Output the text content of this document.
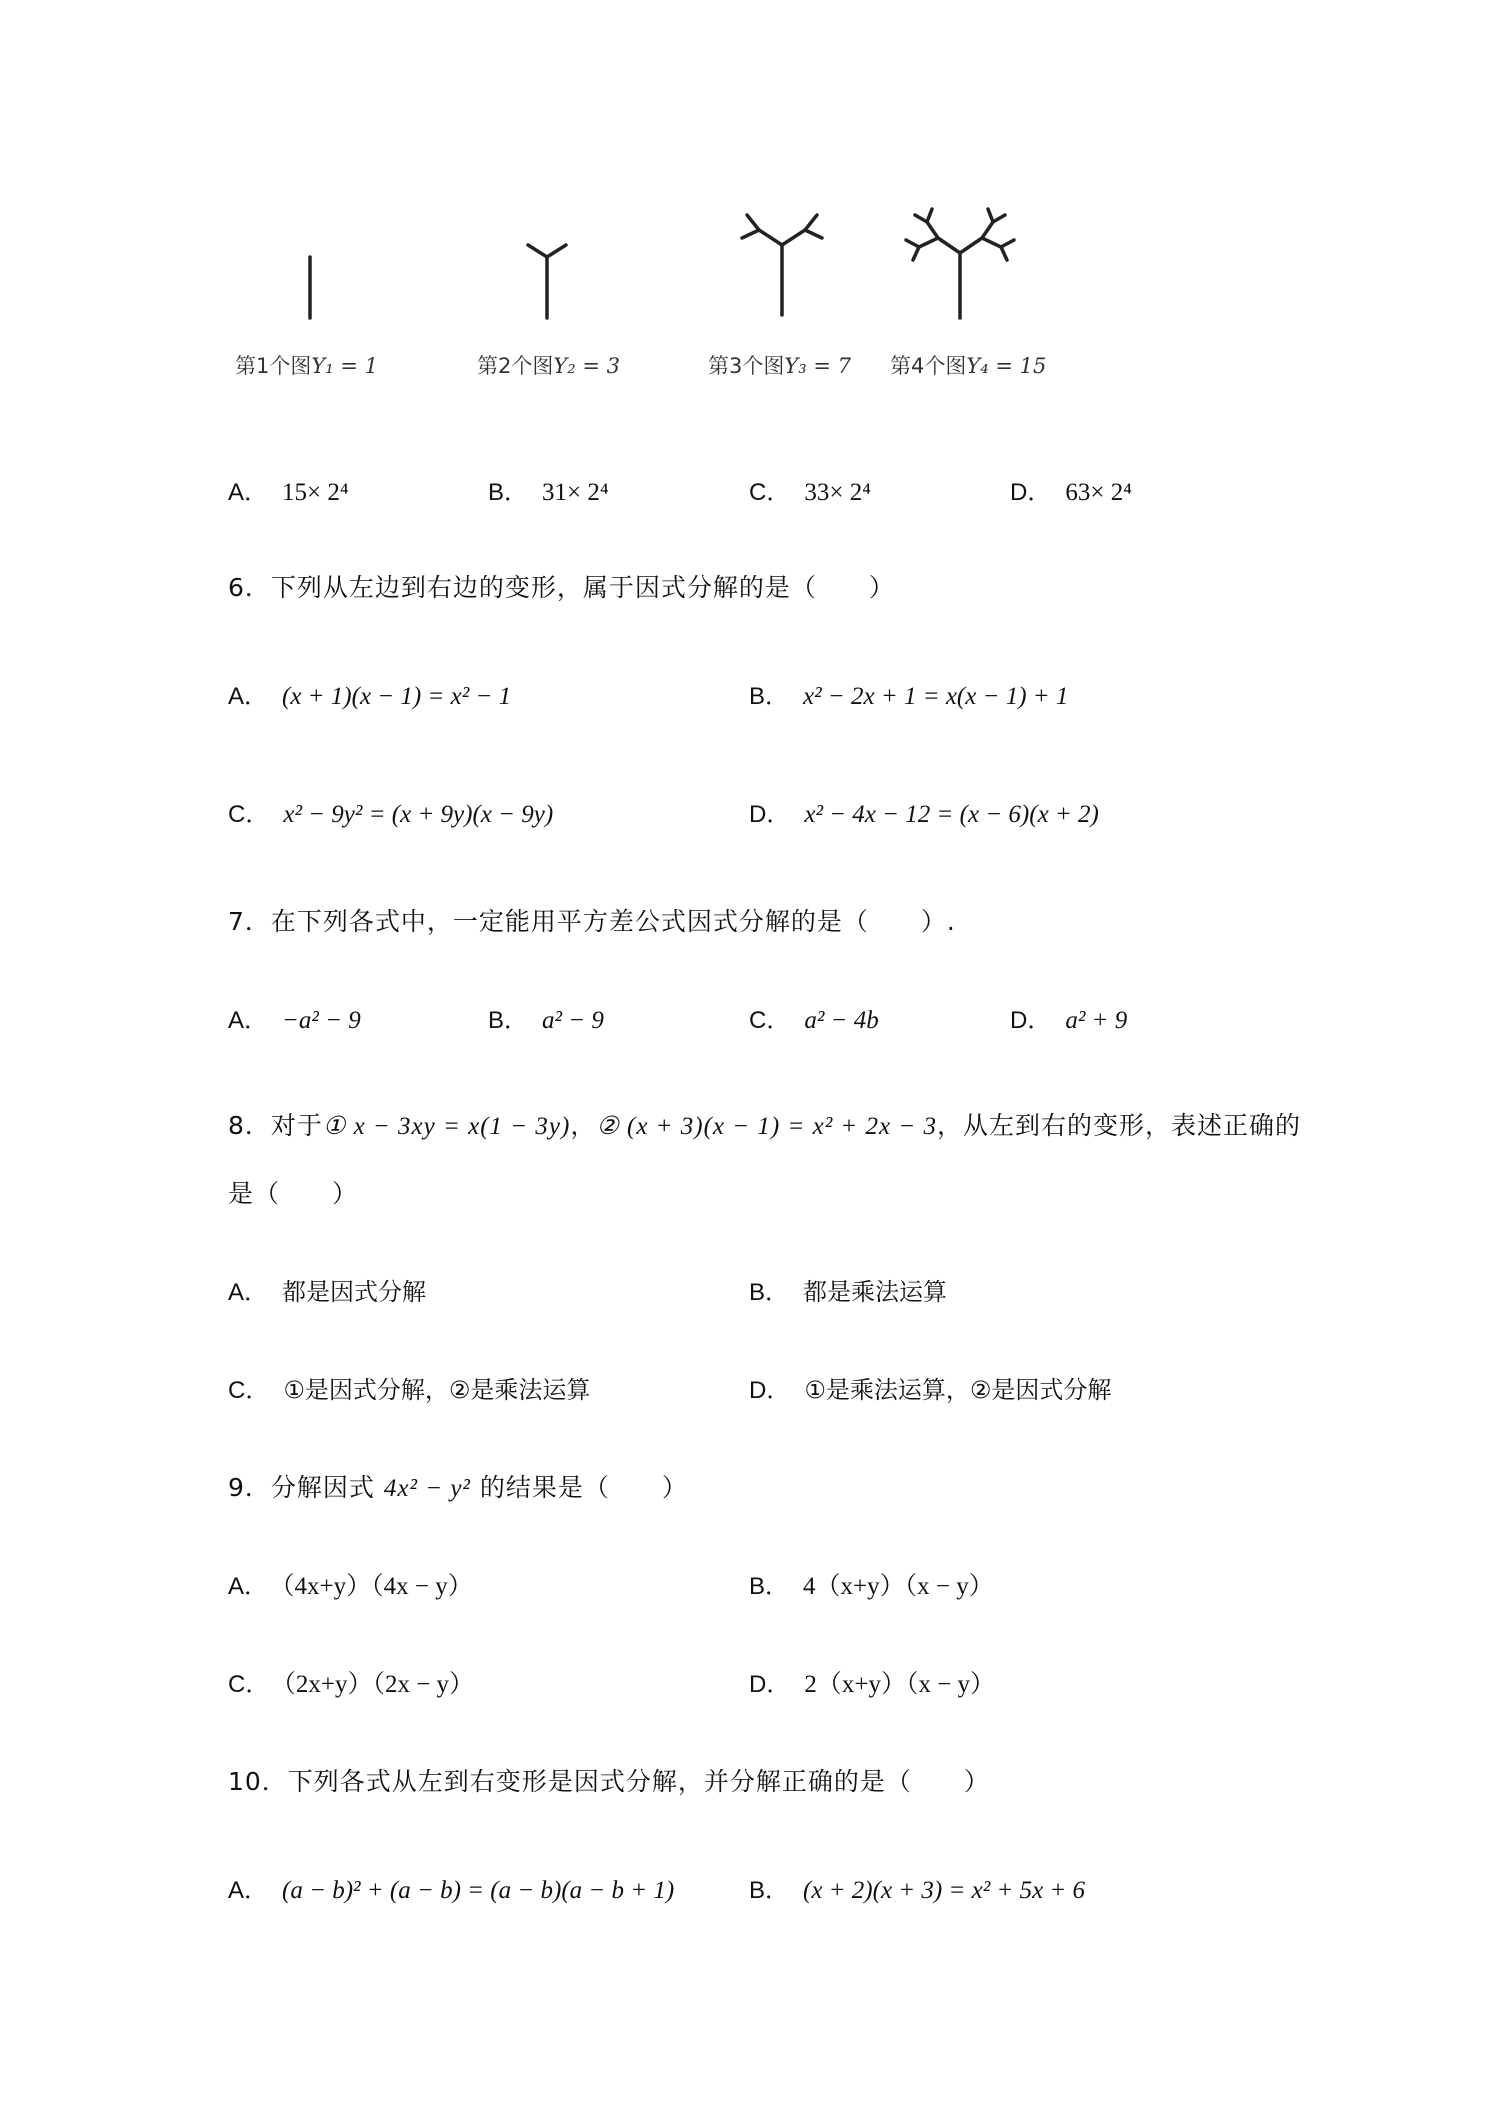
第1个图Y₁ = 1	第2个图Y₂ = 3	第3个图Y₃ = 7 第4个图Y₄ = 15
A． 15× 2⁴	B． 31× 2⁴	C． 33× 2⁴	D． 63× 2⁴
6．下列从左边到右边的变形，属于因式分解的是（　　）
A． (x + 1)(x − 1) = x² − 1	B． x² − 2x + 1 = x(x − 1) + 1
C． x² − 9y² = (x + 9y)(x − 9y)	D． x² − 4x − 12 = (x − 6)(x + 2)
7．在下列各式中，一定能用平方差公式因式分解的是（　　）.
A． −a² − 9	B． a² − 9	C． a² − 4b	D． a² + 9
8．对于① x − 3xy = x(1 − 3y)，② (x + 3)(x − 1) = x² + 2x − 3，从左到右的变形，表述正确的
是（　　）
A． 都是因式分解	B． 都是乘法运算
C． ①是因式分解，②是乘法运算	D． ①是乘法运算，②是因式分解
9．分解因式 4x² − y² 的结果是（　　）
A． （4x+y）（4x − y）	B． 4（x+y）（x − y）
C． （2x+y）（2x − y）	D． 2（x+y）（x − y）
10．下列各式从左到右变形是因式分解，并分解正确的是（　　）
A． (a − b)² + (a − b) = (a − b)(a − b + 1)	B． (x + 2)(x + 3) = x² + 5x + 6
